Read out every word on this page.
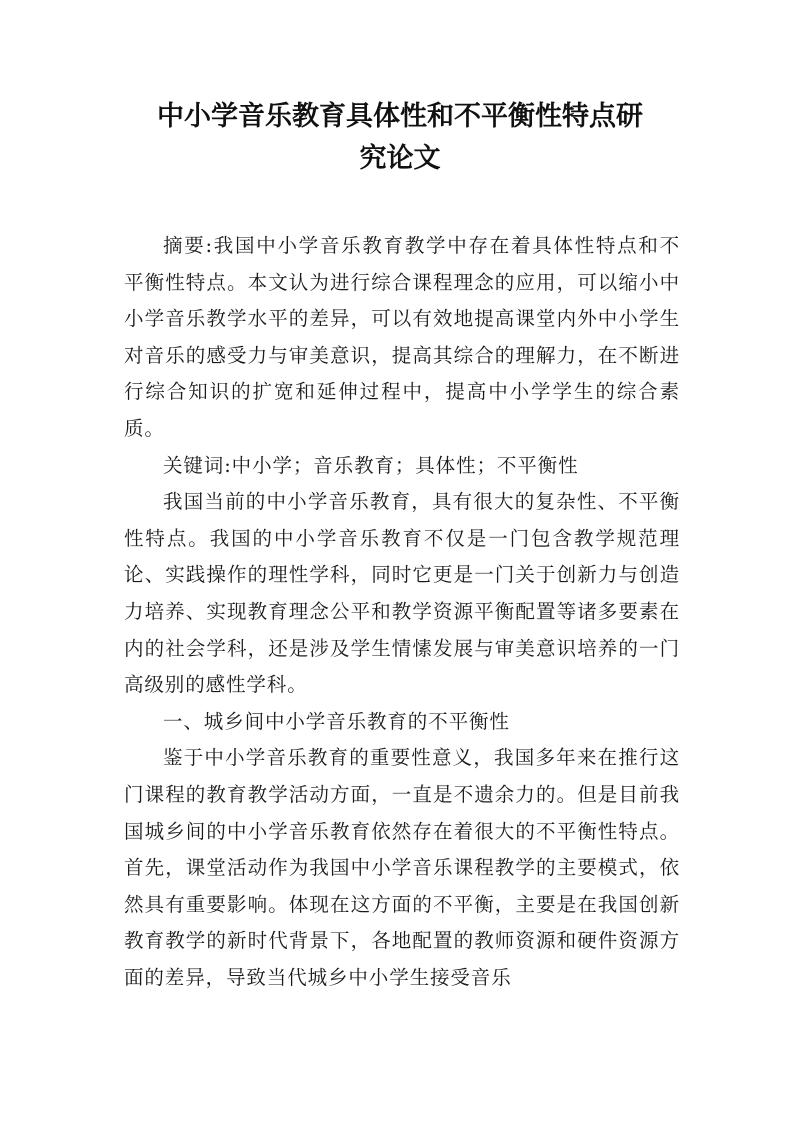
中小学音乐教育具体性和不平衡性特点研
究论文

摘要:我国中小学音乐教育教学中存在着具体性特点和不平衡性特点。本文认为进行综合课程理念的应用，可以缩小中小学音乐教学水平的差异，可以有效地提高课堂内外中小学生对音乐的感受力与审美意识，提高其综合的理解力，在不断进行综合知识的扩宽和延伸过程中，提高中小学学生的综合素质。

关键词:中小学；音乐教育；具体性；不平衡性

我国当前的中小学音乐教育，具有很大的复杂性、不平衡性特点。我国的中小学音乐教育不仅是一门包含教学规范理论、实践操作的理性学科，同时它更是一门关于创新力与创造力培养、实现教育理念公平和教学资源平衡配置等诸多要素在内的社会学科，还是涉及学生情愫发展与审美意识培养的一门高级别的感性学科。

一、城乡间中小学音乐教育的不平衡性

鉴于中小学音乐教育的重要性意义，我国多年来在推行这门课程的教育教学活动方面，一直是不遗余力的。但是目前我国城乡间的中小学音乐教育依然存在着很大的不平衡性特点。首先，课堂活动作为我国中小学音乐课程教学的主要模式，依然具有重要影响。体现在这方面的不平衡，主要是在我国创新教育教学的新时代背景下，各地配置的教师资源和硬件资源方面的差异，导致当代城乡中小学生接受音乐
